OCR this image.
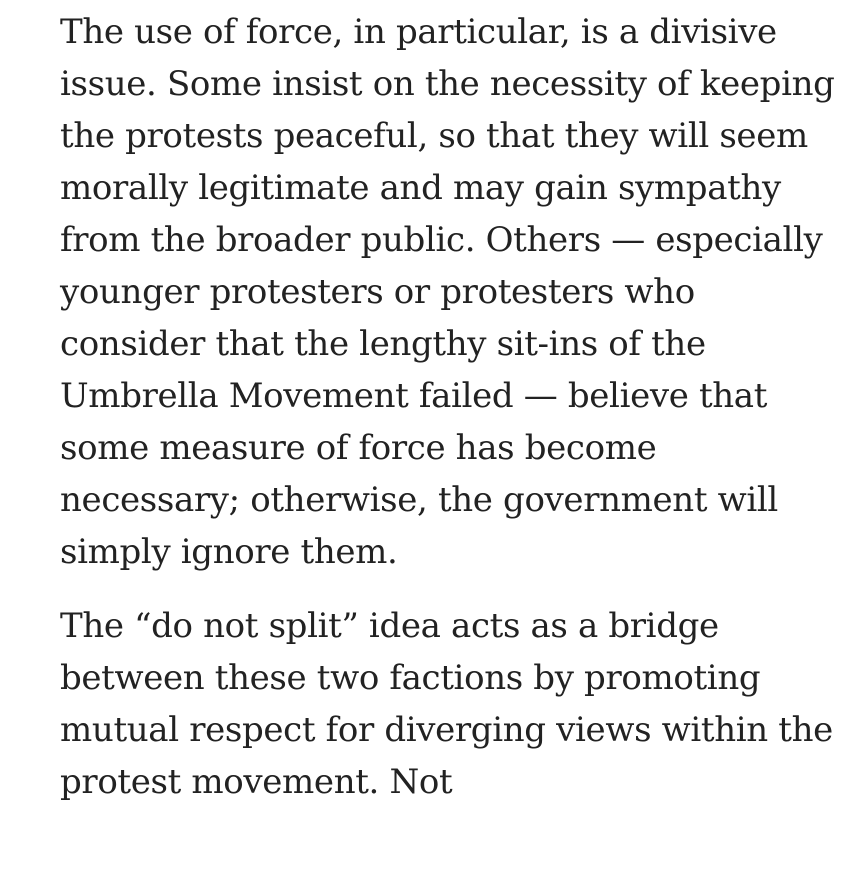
The use of force, in particular, is a divisive issue. Some insist on the necessity of keeping the protests peaceful, so that they will seem morally legitimate and may gain sympathy from the broader public. Others — especially younger protesters or protesters who consider that the lengthy sit-ins of the Umbrella Movement failed — believe that some measure of force has become necessary; otherwise, the government will simply ignore them.

The “do not split” idea acts as a bridge between these two factions by promoting mutual respect for diverging views within the protest movement. Not
